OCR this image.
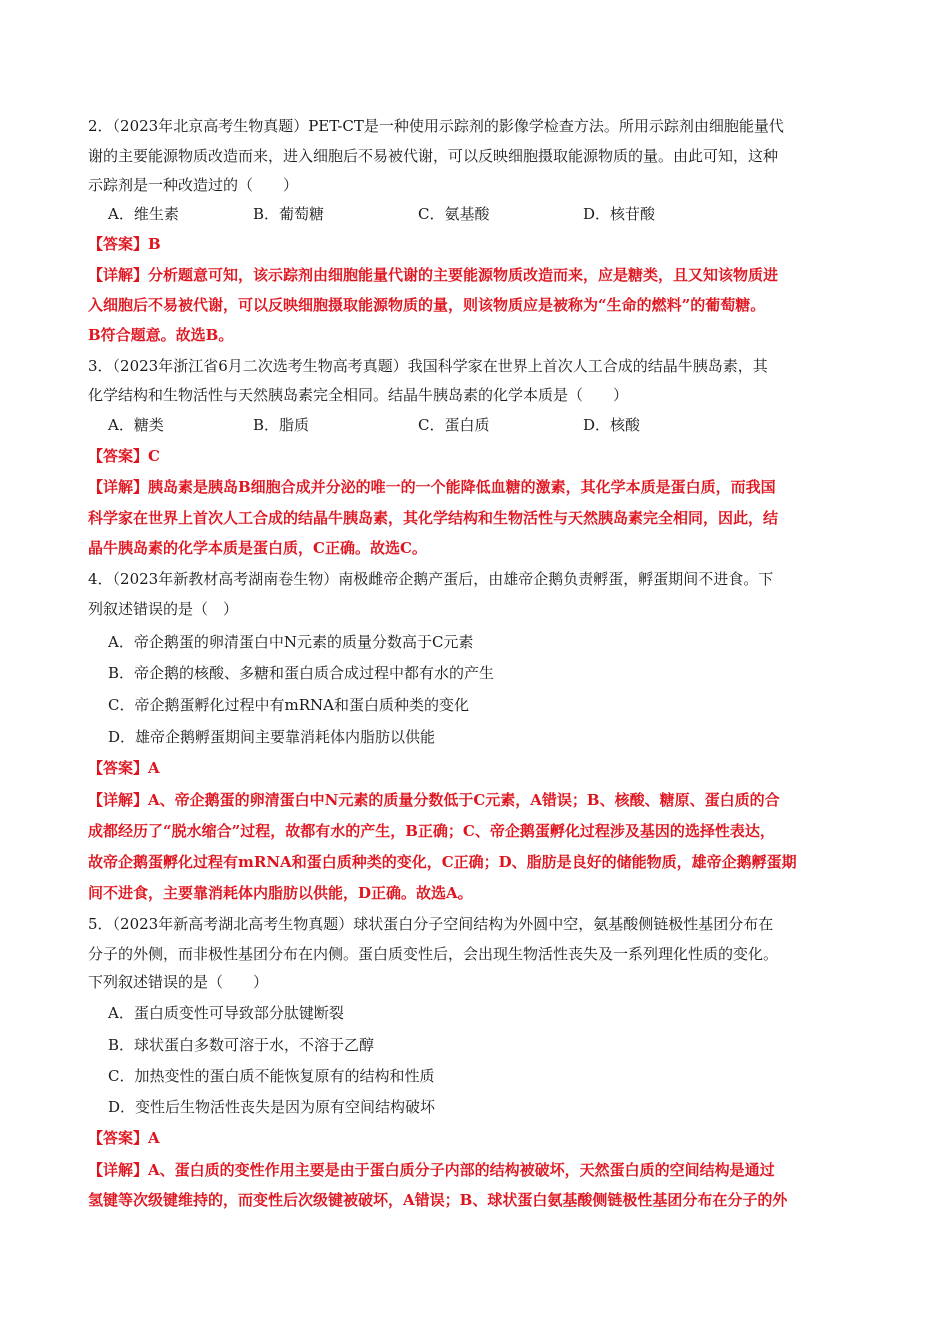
2．（2023年北京高考生物真题）PET-CT是一种使用示踪剂的影像学检查方法。所用示踪剂由细胞能量代
谢的主要能源物质改造而来，进入细胞后不易被代谢，可以反映细胞摄取能源物质的量。由此可知，这种
示踪剂是一种改造过的（　　）
A．维生素	B．葡萄糖	C．氨基酸	D．核苷酸
【答案】B
【详解】分析题意可知，该示踪剂由细胞能量代谢的主要能源物质改造而来，应是糖类，且又知该物质进
入细胞后不易被代谢，可以反映细胞摄取能源物质的量，则该物质应是被称为“生命的燃料”的葡萄糖。
B符合题意。故选B。
3．（2023年浙江省6月二次选考生物高考真题）我国科学家在世界上首次人工合成的结晶牛胰岛素，其
化学结构和生物活性与天然胰岛素完全相同。结晶牛胰岛素的化学本质是（　　）
A．糖类	B．脂质	C．蛋白质	D．核酸
【答案】C
【详解】胰岛素是胰岛B细胞合成并分泌的唯一的一个能降低血糖的激素，其化学本质是蛋白质，而我国
科学家在世界上首次人工合成的结晶牛胰岛素，其化学结构和生物活性与天然胰岛素完全相同，因此，结
晶牛胰岛素的化学本质是蛋白质，C正确。故选C。
4．（2023年新教材高考湖南卷生物）南极雌帝企鹅产蛋后，由雄帝企鹅负责孵蛋，孵蛋期间不进食。下
列叙述错误的是（　）
A．帝企鹅蛋的卵清蛋白中N元素的质量分数高于C元素
B．帝企鹅的核酸、多糖和蛋白质合成过程中都有水的产生
C．帝企鹅蛋孵化过程中有mRNA和蛋白质种类的变化
D．雄帝企鹅孵蛋期间主要靠消耗体内脂肪以供能
【答案】A
【详解】A、帝企鹅蛋的卵清蛋白中N元素的质量分数低于C元素，A错误；B、核酸、糖原、蛋白质的合
成都经历了“脱水缩合”过程，故都有水的产生，B正确；C、帝企鹅蛋孵化过程涉及基因的选择性表达，
故帝企鹅蛋孵化过程有mRNA和蛋白质种类的变化，C正确；D、脂肪是良好的储能物质，雄帝企鹅孵蛋期
间不进食，主要靠消耗体内脂肪以供能，D正确。故选A。
5．（2023年新高考湖北高考生物真题）球状蛋白分子空间结构为外圆中空，氨基酸侧链极性基团分布在
分子的外侧，而非极性基团分布在内侧。蛋白质变性后，会出现生物活性丧失及一系列理化性质的变化。
下列叙述错误的是（　　）
A．蛋白质变性可导致部分肽键断裂
B．球状蛋白多数可溶于水，不溶于乙醇
C．加热变性的蛋白质不能恢复原有的结构和性质
D．变性后生物活性丧失是因为原有空间结构破坏
【答案】A
【详解】A、蛋白质的变性作用主要是由于蛋白质分子内部的结构被破坏，天然蛋白质的空间结构是通过
氢键等次级键维持的，而变性后次级键被破坏，A错误；B、球状蛋白氨基酸侧链极性基团分布在分子的外
